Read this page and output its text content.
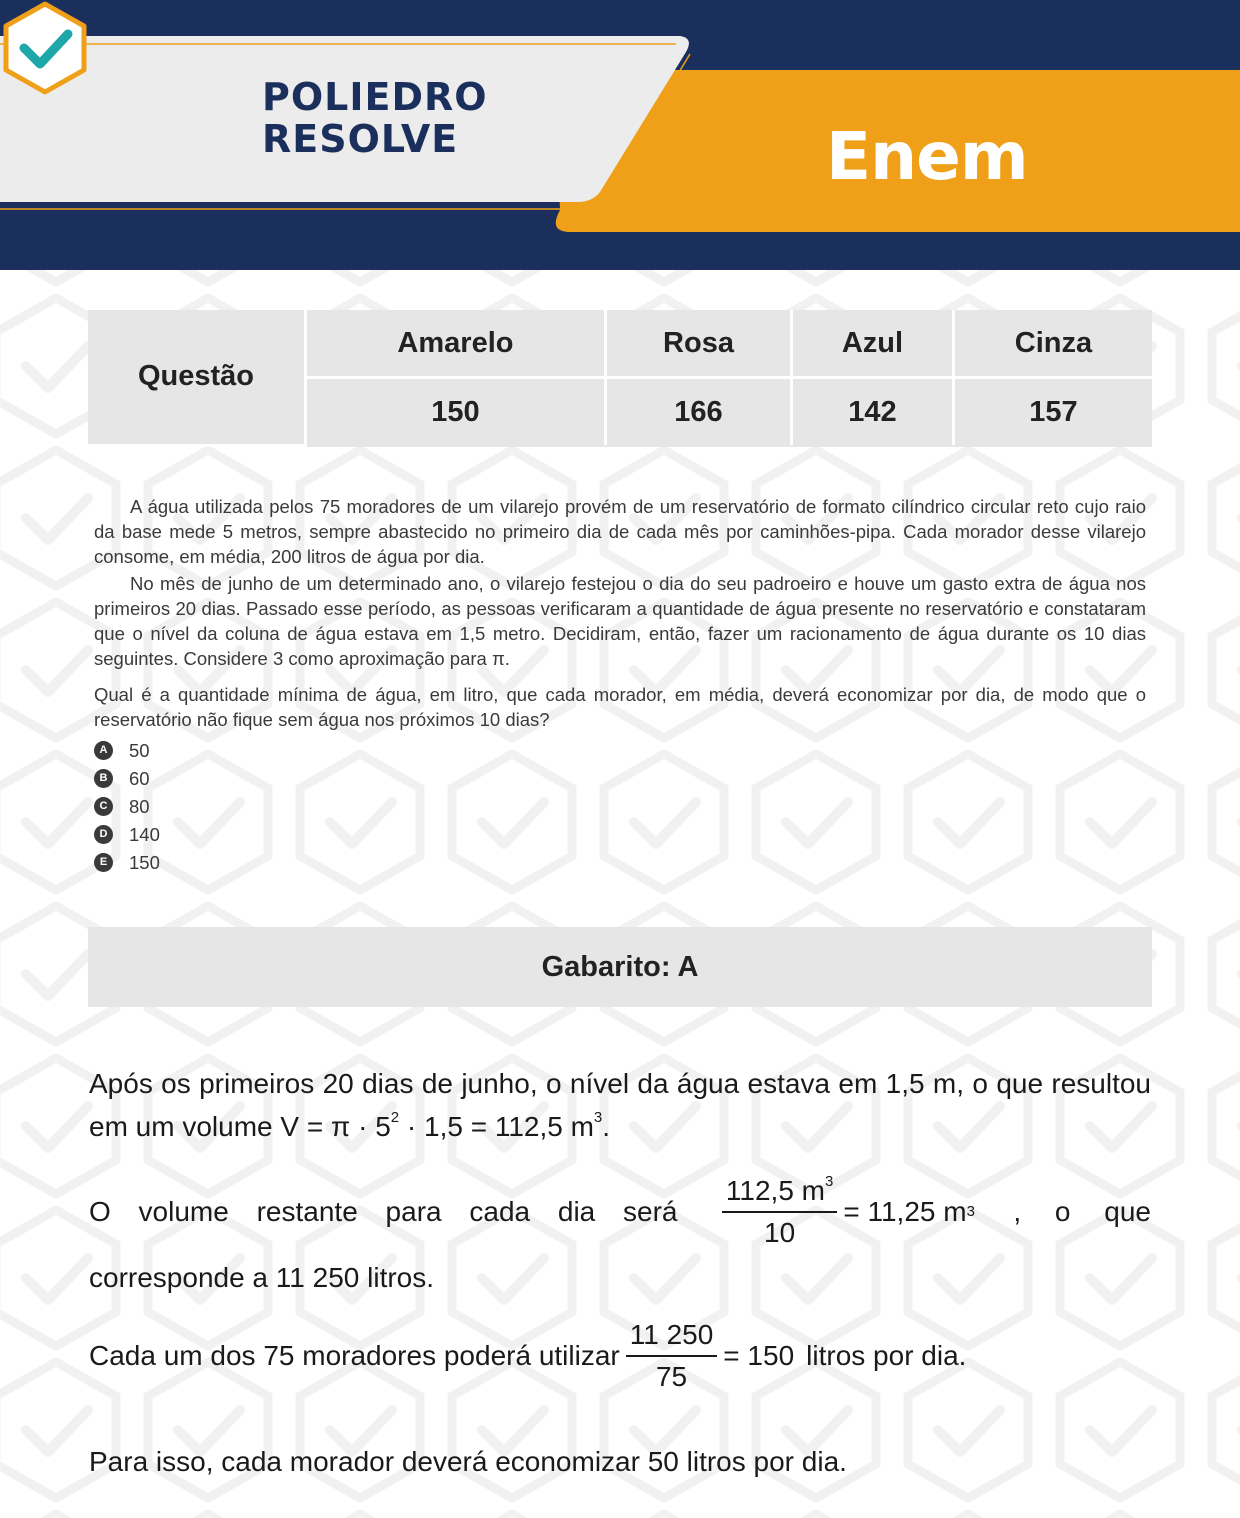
POLIEDRO
RESOLVE	Enem
Questão	Amarelo	Rosa	Azul	Cinza
	150	166	142	157

A água utilizada pelos 75 moradores de um vilarejo provém de um reservatório de formato cilíndrico circular reto cujo raio da base mede 5 metros, sempre abastecido no primeiro dia de cada mês por caminhões-pipa. Cada morador desse vilarejo consome, em média, 200 litros de água por dia.

No mês de junho de um determinado ano, o vilarejo festejou o dia do seu padroeiro e houve um gasto extra de água nos primeiros 20 dias. Passado esse período, as pessoas verificaram a quantidade de água presente no reservatório e constataram que o nível da coluna de água estava em 1,5 metro. Decidiram, então, fazer um racionamento de água durante os 10 dias seguintes. Considere 3 como aproximação para π.

Qual é a quantidade mínima de água, em litro, que cada morador, em média, deverá economizar por dia, de modo que o reservatório não fique sem água nos próximos 10 dias?

A 50
B 60
C 80
D 140
E	150
Gabarito: A
Após os primeiros 20 dias de junho, o nível da água estava em 1,5 m, o que resultou em um volume $V = \pi \cdot 5^2 \cdot 1,5 = 112,5$ $m^3$.
O volume restante para cada dia será $\frac{112,5 m^3}{10} = 11,25$ m 3 , o que

corresponde a 11 250 litros.

Cada um dos 75 moradores poderá utilizar $\frac{11 250}{75} = 150$ litros por dia.

Para isso, cada morador deverá economizar 50 litros por dia.
